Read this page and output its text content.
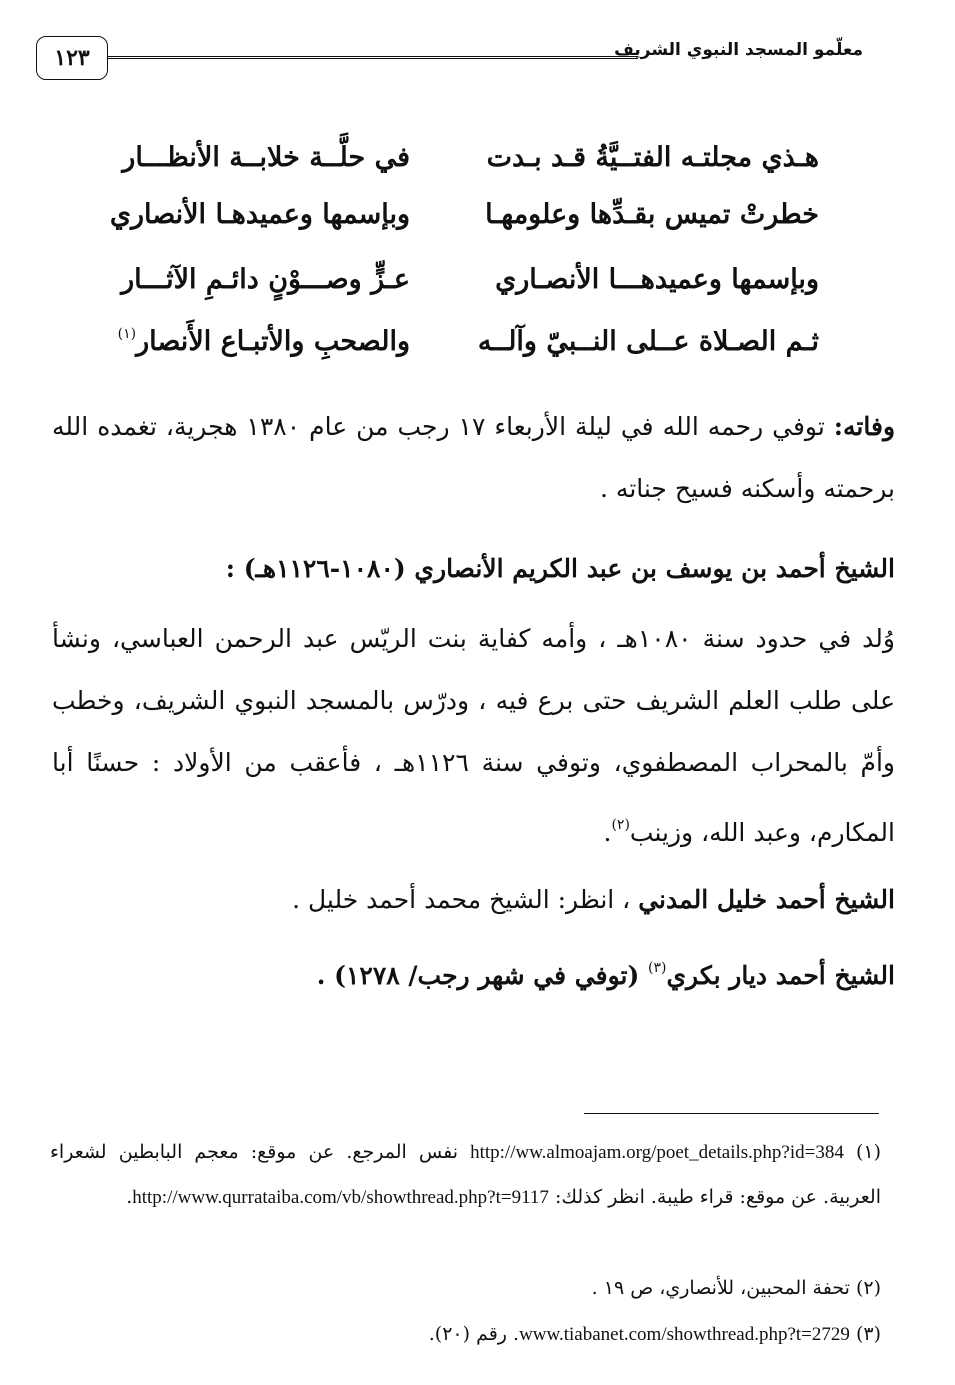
معلّمو المسجد النبوي الشريف
١٢٣
هـذي مجلتـه الفتــيَّةُ قـد بـدت
في حلَّــة خلابــة الأنظـــار
خطرتْ تميس بقـدِّها وعلومهـا
وبإسمها وعميدهـا الأنصاري
وبإسمها وعميدهـــا الأنصـاري
عـزٍّ وصـــوْنٍ دائـمِ الآثـــار
ثـم الصـلاة عــلى النــبيّ وآلــه
والصحبِ والأتبـاع الأَنصار$^{(١)}$
وفاته: توفي رحمه الله في ليلة الأربعاء ١٧ رجب من عام ١٣٨٠ هجرية، تغمده الله برحمته وأسكنه فسيح جناته .
الشيخ أحمد بن يوسف بن عبد الكريم الأنصاري (١٠٨٠-١١٢٦هـ) :
وُلد في حدود سنة ١٠٨٠هـ ، وأمه كفاية بنت الريّس عبد الرحمن العباسي، ونشأ على طلب العلم الشريف حتى برع فيه ، ودرّس بالمسجد النبوي الشريف، وخطب وأمّ بالمحراب المصطفوي، وتوفي سنة ١١٢٦هـ ، فأعقب من الأولاد : حسنًا أبا المكارم، وعبد الله، وزينب$^{(٢)}$.
الشيخ أحمد خليل المدني ، انظر: الشيخ محمد أحمد خليل .
الشيخ أحمد ديار بكري$^{(٣)}$ (توفي في شهر رجب/ ١٢٧٨) .
(١) http://ww.almoajam.org/poet_details.php?id=384 نفس المرجع. عن موقع: معجم البابطين لشعراء العربية. عن موقع: قراء طيبة. انظر كذلك: http://www.qurrataiba.com/vb/showthread.php?t=9117.
(٢) تحفة المحبين، للأنصاري، ص ١٩ .
(٣) www.tiabanet.com/showthread.php?t=2729. رقم (٢٠).
